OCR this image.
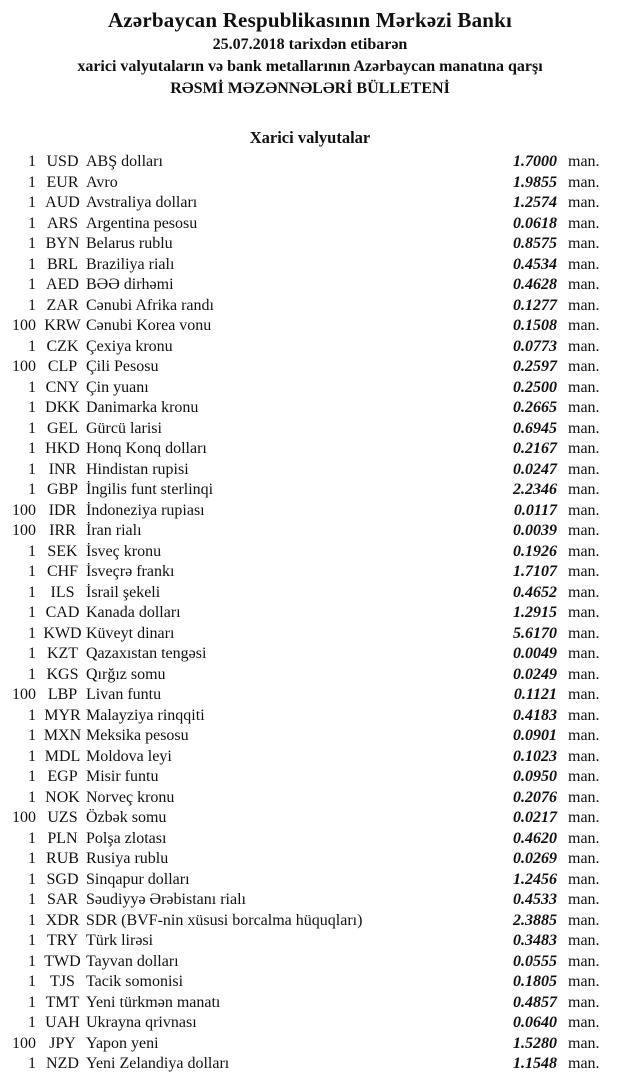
Azərbaycan Respublikasının Mərkəzi Bankı
25.07.2018 tarixdən etibarən
xarici valyutaların və bank metallarının Azərbaycan manatına qarşı
RƏSMİ MƏZƏNNƏLƏRİ BÜLLETENİ
Xarici valyutalar
1 USD ABŞ dolları	1.7000 man.
1 EUR Avro	1.9855 man.
1 AUD Avstraliya dolları	1.2574 man.
1 ARS Argentina pesosu	0.0618 man.
1 BYN Belarus rublu	0.8575 man.
1 BRL Braziliya rialı	0.4534 man.
1 AED BƏƏ dirhəmi	0.4628 man.
1 ZAR Cənubi Afrika randı	0.1277 man.
100 KRW Cənubi Korea vonu	0.1508 man.
1 CZK Çexiya kronu	0.0773 man.
100 CLP Çili Pesosu	0.2597 man.
1 CNY Çin yuanı	0.2500 man.
1 DKK Danimarka kronu	0.2665 man.
1 GEL Gürcü larisi	0.6945 man.
1 HKD Honq Konq dolları	0.2167 man.
1 INR Hindistan rupisi	0.0247 man.
1 GBP İngilis funt sterlinqi	2.2346 man.
100 IDR İndoneziya rupiası	0.0117 man.
100 IRR İran rialı	0.0039 man.
1 SEK İsveç kronu	0.1926 man.
1 CHF İsveçrə frankı	1.7107 man.
1 ILS İsrail şekeli	0.4652 man.
1 CAD Kanada dolları	1.2915 man.
1 KWD Küveyt dinarı	5.6170 man.
1 KZT Qazaxıstan tengəsi	0.0049 man.
1 KGS Qırğız somu	0.0249 man.
100 LBP Livan funtu	0.1121 man.
1 MYR Malayziya rinqqiti	0.4183 man.
1 MXN Meksika pesosu	0.0901 man.
1 MDL Moldova leyi	0.1023 man.
1 EGP Misir funtu	0.0950 man.
1 NOK Norveç kronu	0.2076 man.
100 UZS Özbək somu	0.0217 man.
1 PLN Polşa zlotası	0.4620 man.
1 RUB Rusiya rublu	0.0269 man.
1 SGD Sinqapur dolları	1.2456 man.
1 SAR Səudiyyə Ərəbistanı rialı	0.4533 man.
1 XDR SDR (BVF-nin xüsusi borcalma hüquqları)	2.3885 man.
1 TRY Türk lirəsi	0.3483 man.
1 TWD Tayvan dolları	0.0555 man.
1 TJS Tacik somonisi	0.1805 man.
1 TMT Yeni türkmən manatı	0.4857 man.
1 UAH Ukrayna qrivnası	0.0640 man.
100 JPY Yapon yeni	1.5280 man.
1 NZD Yeni Zelandiya dolları	1.1548 man.
